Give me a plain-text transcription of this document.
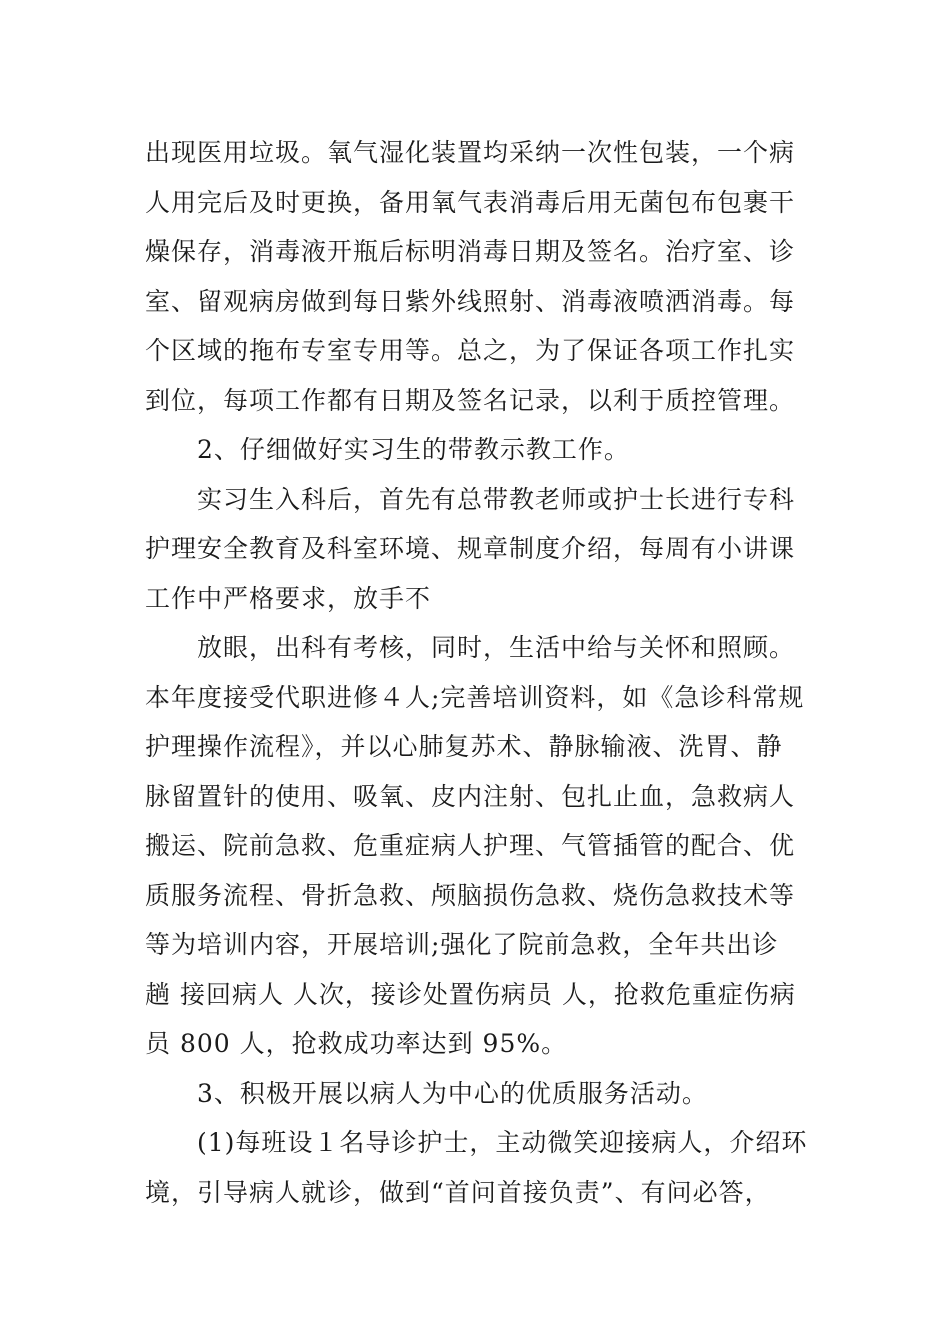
出现医用垃圾。氧气湿化装置均采纳一次性包装，一个病
人用完后及时更换，备用氧气表消毒后用无菌包布包裹干
燥保存，消毒液开瓶后标明消毒日期及签名。治疗室、诊
室、留观病房做到每日紫外线照射、消毒液喷洒消毒。每
个区域的拖布专室专用等。总之，为了保证各项工作扎实
到位，每项工作都有日期及签名记录，以利于质控管理。
2、仔细做好实习生的带教示教工作。
实习生入科后，首先有总带教老师或护士长进行专科
护理安全教育及科室环境、规章制度介绍，每周有小讲课
工作中严格要求，放手不
放眼，出科有考核，同时，生活中给与关怀和照顾。
本年度接受代职进修４人;完善培训资料，如《急诊科常规
护理操作流程》，并以心肺复苏术、静脉输液、洗胃、静
脉留置针的使用、吸氧、皮内注射、包扎止血，急救病人
搬运、院前急救、危重症病人护理、气管插管的配合、优
质服务流程、骨折急救、颅脑损伤急救、烧伤急救技术等
等为培训内容，开展培训;强化了院前急救，全年共出诊
趟 接回病人 人次，接诊处置伤病员 人，抢救危重症伤病
员 800 人，抢救成功率达到 95%。
3、积极开展以病人为中心的优质服务活动。
(1)每班设１名导诊护士，主动微笑迎接病人，介绍环
境，引导病人就诊，做到“首问首接负责”、有问必答，
